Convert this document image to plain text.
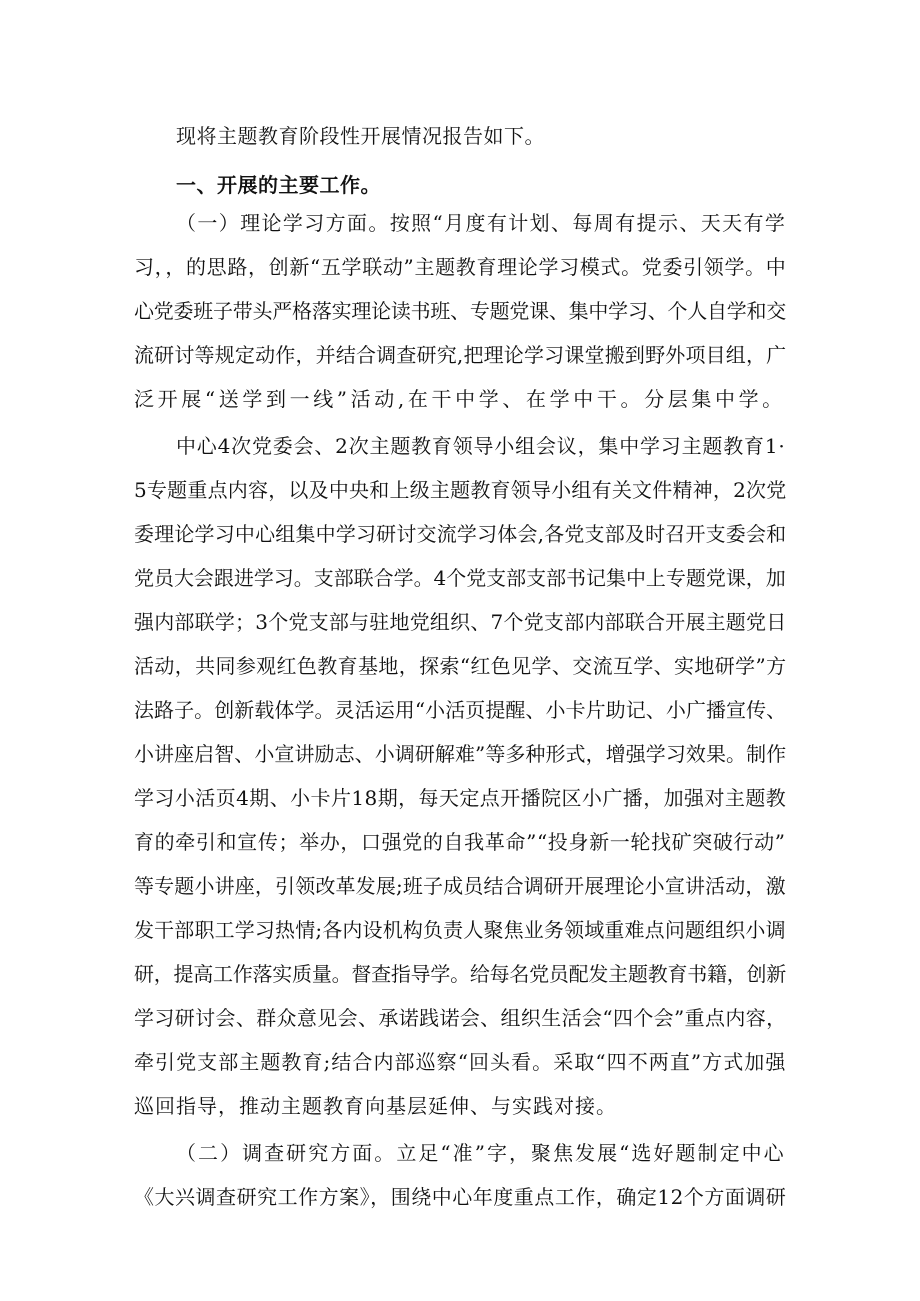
现将主题教育阶段性开展情况报告如下。

一、开展的主要工作。

（一）理论学习方面。按照“月度有计划、每周有提示、天天有学

习，，的思路，创新“五学联动”主题教育理论学习模式。党委引领学。中

心党委班子带头严格落实理论读书班、专题党课、集中学习、个人自学和交

流研讨等规定动作，并结合调查研究,把理论学习课堂搬到野外项目组，广

泛开展“送学到一线”活动,在干中学、在学中干。分层集中学。

中心4次党委会、2次主题教育领导小组会议，集中学习主题教育1·

5专题重点内容，以及中央和上级主题教育领导小组有关文件精神，2次党

委理论学习中心组集中学习研讨交流学习体会,各党支部及时召开支委会和

党员大会跟进学习。支部联合学。4个党支部支部书记集中上专题党课，加

强内部联学；3个党支部与驻地党组织、7个党支部内部联合开展主题党日

活动，共同参观红色教育基地，探索“红色见学、交流互学、实地研学”方

法路子。创新载体学。灵活运用“小活页提醒、小卡片助记、小广播宣传、

小讲座启智、小宣讲励志、小调研解难”等多种形式，增强学习效果。制作

学习小活页4期、小卡片18期，每天定点开播院区小广播，加强对主题教

育的牵引和宣传；举办，口强党的自我革命”“投身新一轮找矿突破行动”

等专题小讲座，引领改革发展;班子成员结合调研开展理论小宣讲活动，激

发干部职工学习热情;各内设机构负责人聚焦业务领域重难点问题组织小调

研，提高工作落实质量。督查指导学。给每名党员配发主题教育书籍，创新

学习研讨会、群众意见会、承诺践诺会、组织生活会“四个会”重点内容，

牵引党支部主题教育;结合内部巡察“回头看。采取“四不两直”方式加强

巡回指导，推动主题教育向基层延伸、与实践对接。

（二）调查研究方面。立足“准”字，聚焦发展“选好题制定中心

《大兴调查研究工作方案》，围绕中心年度重点工作，确定12个方面调研
